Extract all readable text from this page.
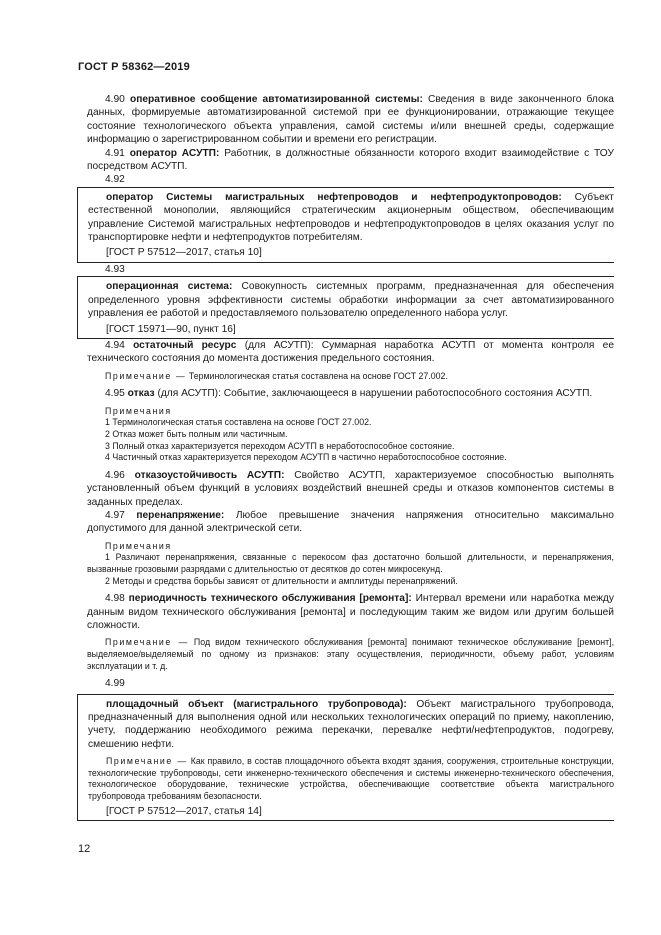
ГОСТ Р 58362—2019

4.90 оперативное сообщение автоматизированной системы: Сведения в виде законченного блока данных, формируемые автоматизированной системой при ее функционировании, отражающие текущее состояние технологического объекта управления, самой системы и/или внешней среды, содержащие информацию о зарегистрированном событии и времени его регистрации.

4.91 оператор АСУТП: Работник, в должностные обязанности которого входит взаимодействие с ТОУ посредством АСУТП.

4.92

оператор Системы магистральных нефтепроводов и нефтепродуктопроводов: Субъект естественной монополии, являющийся стратегическим акционерным обществом, обеспечивающим управление Системой магистральных нефтепроводов и нефтепродуктопроводов в целях оказания услуг по транспортировке нефти и нефтепродуктов потребителям.

[ГОСТ Р 57512—2017, статья 10]

4.93

операционная система: Совокупность системных программ, предназначенная для обеспечения определенного уровня эффективности системы обработки информации за счет автоматизированного управления ее работой и предоставляемого пользователю определенного набора услуг.

[ГОСТ 15971—90, пункт 16]

4.94 остаточный ресурс (для АСУТП): Суммарная наработка АСУТП от момента контроля ее технического состояния до момента достижения предельного состояния.

Примечание — Терминологическая статья составлена на основе ГОСТ 27.002.

4.95 отказ (для АСУТП): Событие, заключающееся в нарушении работоспособного состояния АСУТП.

Примечания

1 Терминологическая статья составлена на основе ГОСТ 27.002.

2 Отказ может быть полным или частичным.

3 Полный отказ характеризуется переходом АСУТП в неработоспособное состояние.

4 Частичный отказ характеризуется переходом АСУТП в частично неработоспособное состояние.

4.96 отказоустойчивость АСУТП: Свойство АСУТП, характеризуемое способностью выполнять установленный объем функций в условиях воздействий внешней среды и отказов компонентов системы в заданных пределах.

4.97 перенапряжение: Любое превышение значения напряжения относительно максимально допустимого для данной электрической сети.

Примечания

1 Различают перенапряжения, связанные с перекосом фаз достаточно большой длительности, и перенапряжения, вызванные грозовыми разрядами с длительностью от десятков до сотен микросекунд.

2 Методы и средства борьбы зависят от длительности и амплитуды перенапряжений.

4.98 периодичность технического обслуживания [ремонта]: Интервал времени или наработка между данным видом технического обслуживания [ремонта] и последующим таким же видом или другим большей сложности.

Примечание — Под видом технического обслуживания [ремонта] понимают техническое обслуживание [ремонт], выделяемое/выделяемый по одному из признаков: этапу осуществления, периодичности, объему работ, условиям эксплуатации и т. д.

4.99

площадочный объект (магистрального трубопровода): Объект магистрального трубопровода, предназначенный для выполнения одной или нескольких технологических операций по приему, накоплению, учету, поддержанию необходимого режима перекачки, перевалке нефти/нефтепродуктов, подогреву, смешению нефти.

Примечание — Как правило, в состав площадочного объекта входят здания, сооружения, строительные конструкции, технологические трубопроводы, сети инженерно-технического обеспечения и системы инженерно-технического обеспечения, технологическое оборудование, технические устройства, обеспечивающие соответствие объекта магистрального трубопровода требованиям безопасности.

[ГОСТ Р 57512—2017, статья 14]

12
